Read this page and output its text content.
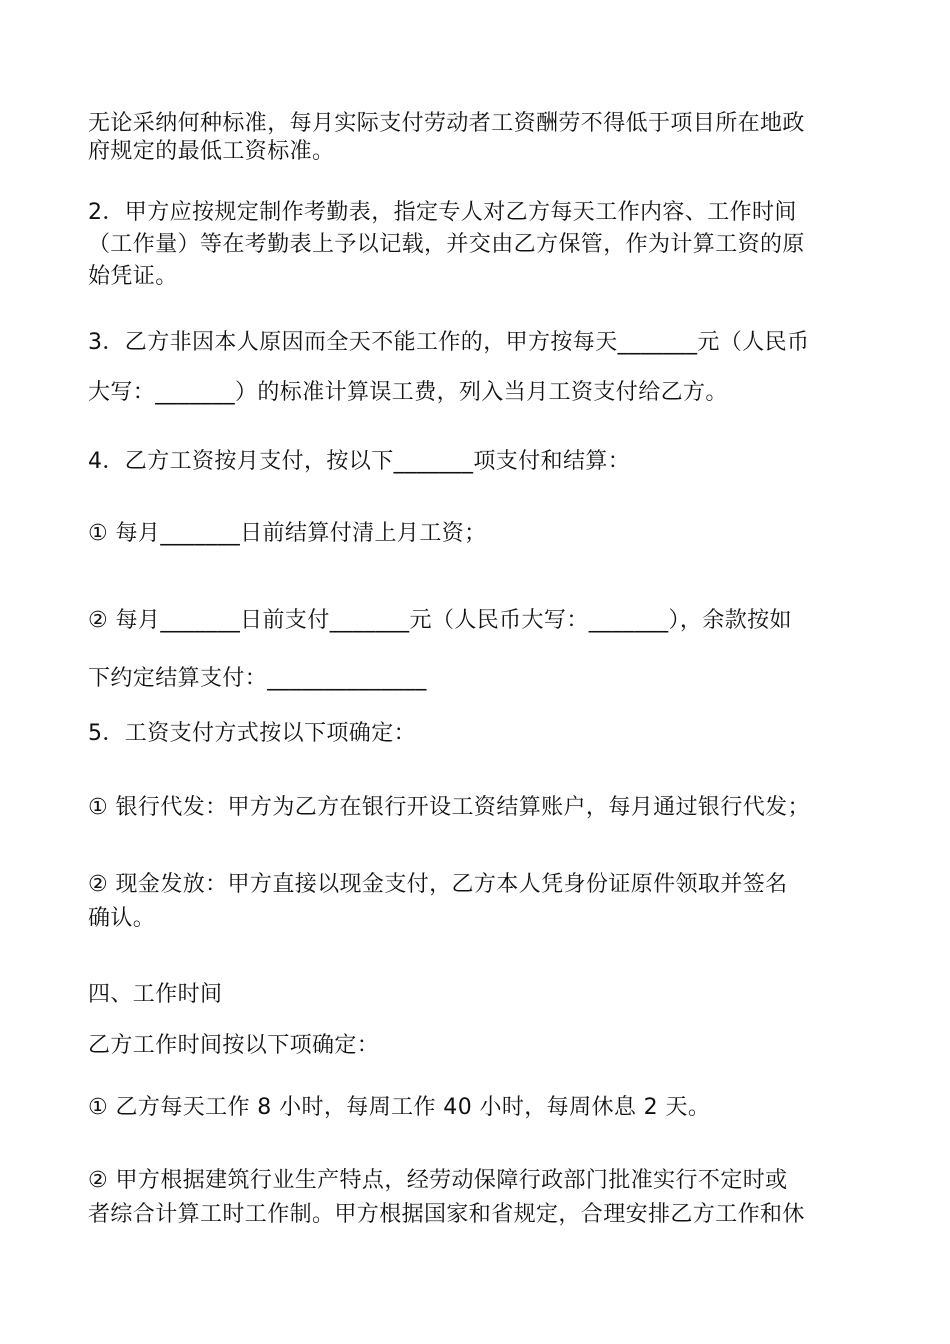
无论采纳何种标准，每月实际支付劳动者工资酬劳不得低于项目所在地政
府规定的最低工资标准。

2．甲方应按规定制作考勤表，指定专人对乙方每天工作内容、工作时间
（工作量）等在考勤表上予以记载，并交由乙方保管，作为计算工资的原
始凭证。

3．乙方非因本人原因而全天不能工作的，甲方按每天_______元（人民币
大写：_______）的标准计算误工费，列入当月工资支付给乙方。

4．乙方工资按月支付，按以下_______项支付和结算：

① 每月_______日前结算付清上月工资；

② 每月_______日前支付_______元（人民币大写：_______），余款按如
下约定结算支付：______________

5．工资支付方式按以下项确定：

① 银行代发：甲方为乙方在银行开设工资结算账户，每月通过银行代发；

② 现金发放：甲方直接以现金支付，乙方本人凭身份证原件领取并签名
确认。

四、工作时间

乙方工作时间按以下项确定：

① 乙方每天工作 8 小时，每周工作 40 小时，每周休息 2 天。

② 甲方根据建筑行业生产特点，经劳动保障行政部门批准实行不定时或
者综合计算工时工作制。甲方根据国家和省规定，合理安排乙方工作和休
